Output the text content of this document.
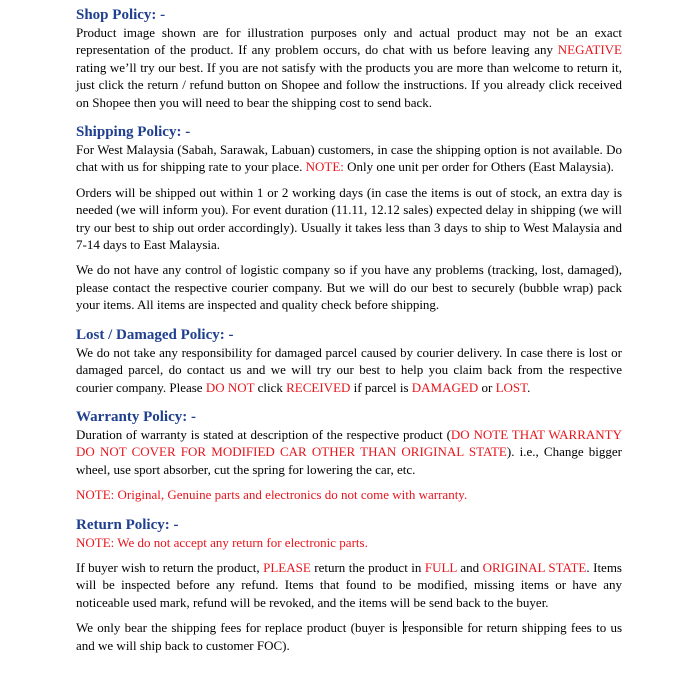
Shop Policy: -

Product image shown are for illustration purposes only and actual product may not be an exact representation of the product. If any problem occurs, do chat with us before leaving any NEGATIVE rating we’ll try our best. If you are not satisfy with the products you are more than welcome to return it, just click the return / refund button on Shopee and follow the instructions. If you already click received on Shopee then you will need to bear the shipping cost to send back.

Shipping Policy: -

For West Malaysia (Sabah, Sarawak, Labuan) customers, in case the shipping option is not available. Do chat with us for shipping rate to your place. NOTE: Only one unit per order for Others (East Malaysia).

Orders will be shipped out within 1 or 2 working days (in case the items is out of stock, an extra day is needed (we will inform you). For event duration (11.11, 12.12 sales) expected delay in shipping (we will try our best to ship out order accordingly). Usually it takes less than 3 days to ship to West Malaysia and 7-14 days to East Malaysia.

We do not have any control of logistic company so if you have any problems (tracking, lost, damaged), please contact the respective courier company. But we will do our best to securely (bubble wrap) pack your items. All items are inspected and quality check before shipping.

Lost / Damaged Policy: -

We do not take any responsibility for damaged parcel caused by courier delivery. In case there is lost or damaged parcel, do contact us and we will try our best to help you claim back from the respective courier company. Please DO NOT click RECEIVED if parcel is DAMAGED or LOST.

Warranty Policy: -

Duration of warranty is stated at description of the respective product (DO NOTE THAT WARRANTY DO NOT COVER FOR MODIFIED CAR OTHER THAN ORIGINAL STATE). i.e., Change bigger wheel, use sport absorber, cut the spring for lowering the car, etc.

NOTE: Original, Genuine parts and electronics do not come with warranty.

Return Policy: -

NOTE: We do not accept any return for electronic parts.

If buyer wish to return the product, PLEASE return the product in FULL and ORIGINAL STATE. Items will be inspected before any refund. Items that found to be modified, missing items or have any noticeable used mark, refund will be revoked, and the items will be send back to the buyer.

We only bear the shipping fees for replace product (buyer is responsible for return shipping fees to us and we will ship back to customer FOC).
